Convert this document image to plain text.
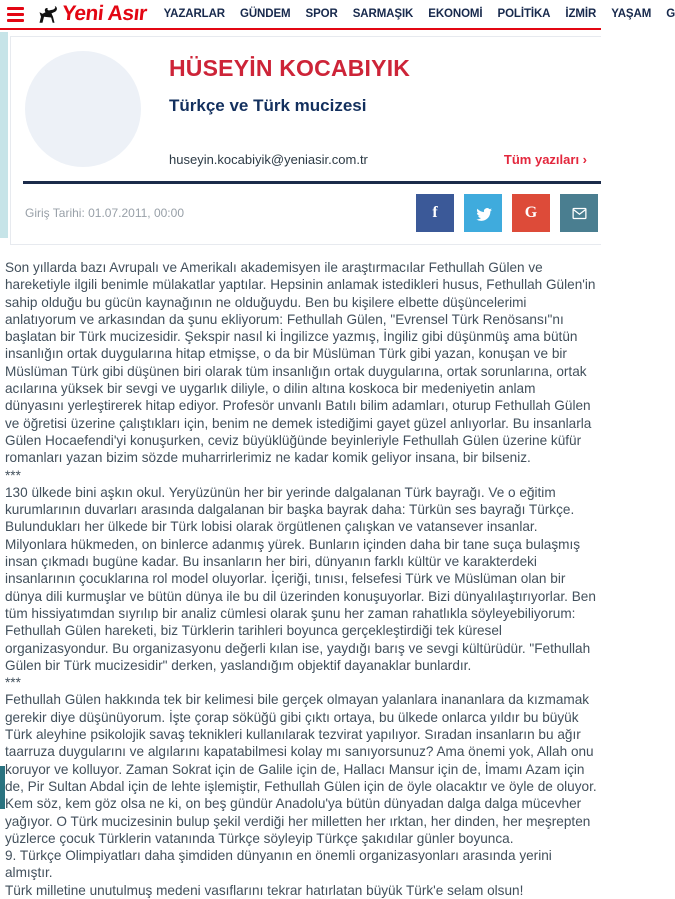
Yeni Asır YAZARLAR GÜNDEM SPOR SARMAŞIK EKONOMİ POLİTİKA İZMİR YAŞAM G
HÜSEYİN KOCABIYIK
Türkçe ve Türk mucizesi
huseyin.kocabiyik@yeniasir.com.tr	Tüm yazıları ›
Giriş Tarihi: 01.07.2011, 00:00	f	G

Son yıllarda bazı Avrupalı ve Amerikalı akademisyen ile araştırmacılar Fethullah Gülen ve hareketiyle ilgili benimle mülakatlar yaptılar. Hepsinin anlamak istedikleri husus, Fethullah Gülen'in sahip olduğu bu gücün kaynağının ne olduğuydu. Ben bu kişilere elbette düşüncelerimi anlatıyorum ve arkasından da şunu ekliyorum: Fethullah Gülen, "Evrensel Türk Renösansı"nı başlatan bir Türk mucizesidir. Şekspir nasıl ki İngilizce yazmış, İngiliz gibi düşünmüş ama bütün insanlığın ortak duygularına hitap etmişse, o da bir Müslüman Türk gibi yazan, konuşan ve bir Müslüman Türk gibi düşünen biri olarak tüm insanlığın ortak duygularına, ortak sorunlarına, ortak acılarına yüksek bir sevgi ve uygarlık diliyle, o dilin altına koskoca bir medeniyetin anlam dünyasını yerleştirerek hitap ediyor. Profesör unvanlı Batılı bilim adamları, oturup Fethullah Gülen ve öğretisi üzerine çalıştıkları için, benim ne demek istediğimi gayet güzel anlıyorlar. Bu insanlarla Gülen Hocaefendi'yi konuşurken, ceviz büyüklüğünde beyinleriyle Fethullah Gülen üzerine küfür romanları yazan bizim sözde muharrirlerimiz ne kadar komik geliyor insana, bir bilseniz.

***

130 ülkede bini aşkın okul. Yeryüzünün her bir yerinde dalgalanan Türk bayrağı. Ve o eğitim kurumlarının duvarları arasında dalgalanan bir başka bayrak daha: Türkün ses bayrağı Türkçe. Bulundukları her ülkede bir Türk lobisi olarak örgütlenen çalışkan ve vatansever insanlar. Milyonlara hükmeden, on binlerce adanmış yürek. Bunların içinden daha bir tane suça bulaşmış insan çıkmadı bugüne kadar. Bu insanların her biri, dünyanın farklı kültür ve karakterdeki insanlarının çocuklarına rol model oluyorlar. İçeriği, tınısı, felsefesi Türk ve Müslüman olan bir dünya dili kurmuşlar ve bütün dünya ile bu dil üzerinden konuşuyorlar. Bizi dünyalılaştırıyorlar. Ben tüm hissiyatımdan sıyrılıp bir analiz cümlesi olarak şunu her zaman rahatlıkla söyleyebiliyorum: Fethullah Gülen hareketi, biz Türklerin tarihleri boyunca gerçekleştirdiği tek küresel organizasyondur. Bu organizasyonu değerli kılan ise, yaydığı barış ve sevgi kültürüdür. "Fethullah Gülen bir Türk mucizesidir" derken, yaslandığım objektif dayanaklar bunlardır.

***

Fethullah Gülen hakkında tek bir kelimesi bile gerçek olmayan yalanlara inananlara da kızmamak gerekir diye düşünüyorum. İşte çorap söküğü gibi çıktı ortaya, bu ülkede onlarca yıldır bu büyük Türk aleyhine psikolojik savaş teknikleri kullanılarak tezvirat yapılıyor. Sıradan insanların bu ağır taarruza duygularını ve algılarını kapatabilmesi kolay mı sanıyorsunuz? Ama önemi yok, Allah onu koruyor ve kolluyor. Zaman Sokrat için de Galile için de, Hallacı Mansur için de, İmamı Azam için de, Pir Sultan Abdal için de lehte işlemiştir, Fethullah Gülen için de öyle olacaktır ve öyle de oluyor. Kem söz, kem göz olsa ne ki, on beş gündür Anadolu'ya bütün dünyadan dalga dalga mücevher yağıyor. O Türk mucizesinin bulup şekil verdiği her milletten her ırktan, her dinden, her meşrepten yüzlerce çocuk Türklerin vatanında Türkçe söyleyip Türkçe şakıdılar günler boyunca.

9. Türkçe Olimpiyatları daha şimdiden dünyanın en önemli organizasyonları arasında yerini almıştır.

Türk milletine unutulmuş medeni vasıflarını tekrar hatırlatan büyük Türk'e selam olsun!
